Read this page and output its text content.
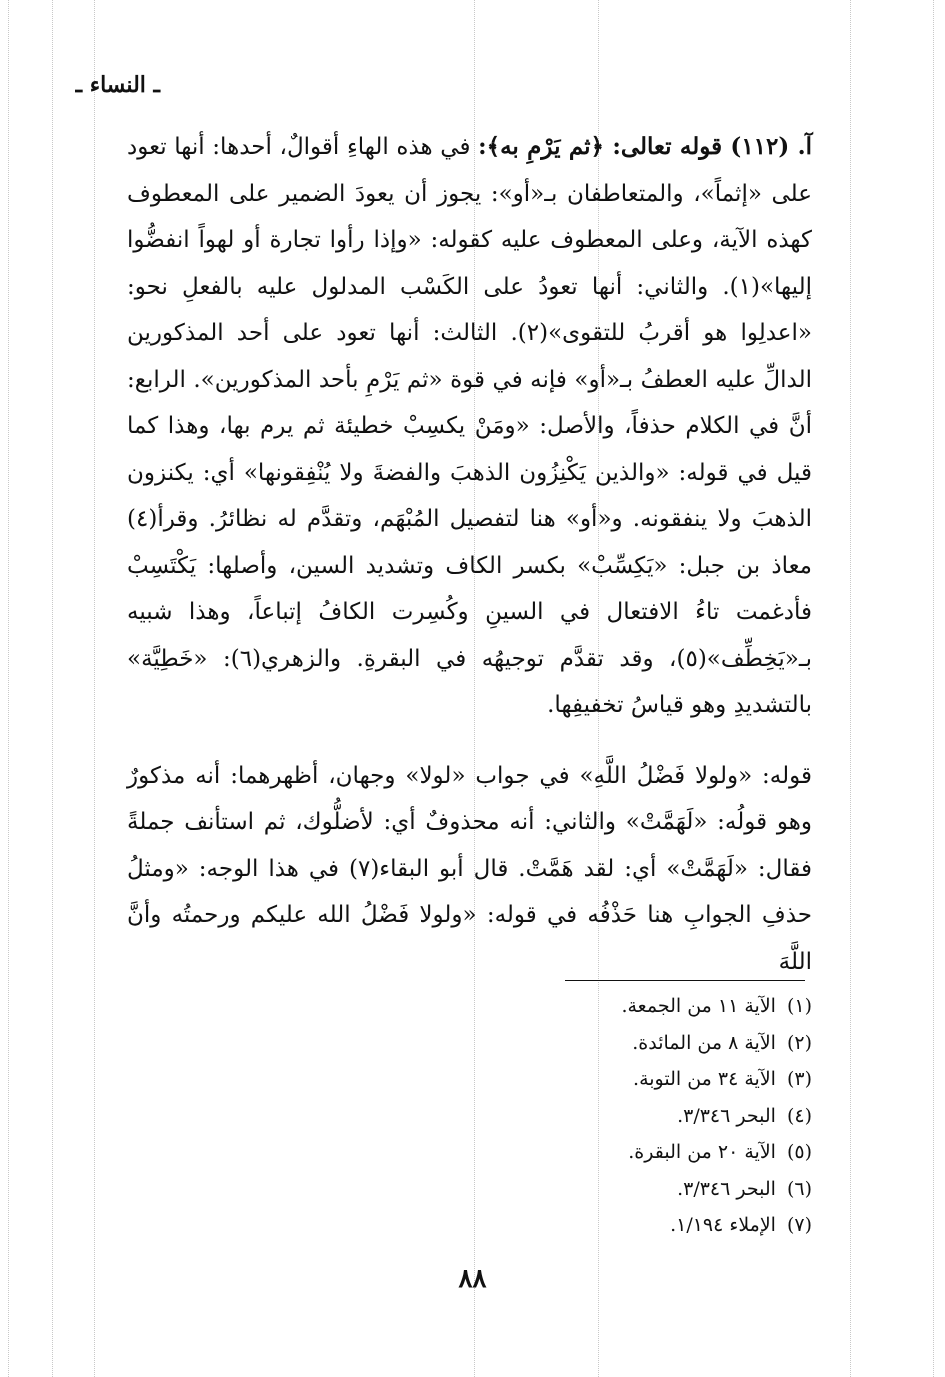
ـ النساء ـ

آ. (١١٢) قوله تعالى: ﴿ثم يَرْمِ به﴾: في هذه الهاءِ أقوالٌ، أحدها: أنها تعود على «إثماً»، والمتعاطفان بـ«أو»: يجوز أن يعودَ الضمير على المعطوف كهذه الآية، وعلى المعطوف عليه كقوله: «وإذا رأوا تجارة أو لهواً انفضُّوا إليها»(١). والثاني: أنها تعودُ على الكَسْب المدلول عليه بالفعلِ نحو: «اعدلِوا هو أقربُ للتقوى»(٢). الثالث: أنها تعود على أحد المذكورين الدالِّ عليه العطفُ بـ«أو» فإنه في قوة «ثم يَرْمِ بأحد المذكورين». الرابع: أنَّ في الكلام حذفاً، والأصل: «ومَنْ يكسِبْ خطيئة ثم يرم بها، وهذا كما قيل في قوله: «والذين يَكْنِزُون الذهبَ والفضةَ ولا يُنْفِقونها» أي: يكنزون الذهبَ ولا ينفقونه. و«أو» هنا لتفصيل المُبْهَم، وتقدَّم له نظائرُ. وقرأ(٤) معاذ بن جبل: «يَكِسِّبْ» بكسر الكاف وتشديد السين، وأصلها: يَكْتَسِبْ فأدغمت تاءُ الافتعال في السينِ وكُسِرت الكافُ إتباعاً، وهذا شبيه بـ«يَخِطِّف»(٥)، وقد تقدَّم توجيهُه في البقرةِ. والزهري(٦): «خَطِيَّة» بالتشديدِ وهو قياسُ تخفيفِها.

قوله: «ولولا فَضْلُ اللَّهِ» في جواب «لولا» وجهان، أظهرهما: أنه مذكورٌ وهو قولُه: «لَهَمَّتْ» والثاني: أنه محذوفٌ أي: لأضلُّوك، ثم استأنف جملةً فقال: «لَهَمَّتْ» أي: لقد هَمَّتْ. قال أبو البقاء(٧) في هذا الوجه: «ومثلُ حذفِ الجوابِ هنا حَذْفُه في قوله: «ولولا فَضْلُ الله عليكم ورحمتُه وأنَّ اللَّهَ

(١) الآية ١١ من الجمعة.
(٢) الآية ٨ من المائدة.
(٣) الآية ٣٤ من التوبة.
(٤) البحر ٣/٣٤٦.
(٥) الآية ٢٠ من البقرة.
(٦) البحر ٣/٣٤٦.
(٧) الإملاء ١/١٩٤.
٨٨
